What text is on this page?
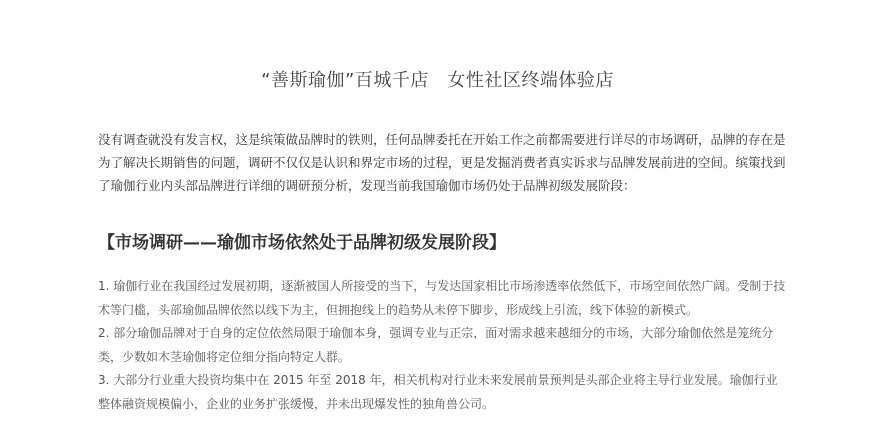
“善斯瑜伽”百城千店　女性社区终端体验店

没有调查就没有发言权，这是缤策做品牌时的铁则，任何品牌委托在开始工作之前都需要进行详尽的市场调研，品牌的存在是为了解决长期销售的问题，调研不仅仅是认识和界定市场的过程，更是发掘消费者真实诉求与品牌发展前进的空间。缤策找到了瑜伽行业内头部品牌进行详细的调研预分析，发现当前我国瑜伽市场仍处于品牌初级发展阶段：

【市场调研——瑜伽市场依然处于品牌初级发展阶段】
1. 瑜伽行业在我国经过发展初期，逐渐被国人所接受的当下，与发达国家相比市场渗透率依然低下，市场空间依然广阔。受制于技术等门槛，头部瑜伽品牌依然以线下为主，但拥抱线上的趋势从未停下脚步，形成线上引流，线下体验的新模式。
2. 部分瑜伽品牌对于自身的定位依然局限于瑜伽本身，强调专业与正宗，面对需求越来越细分的市场，大部分瑜伽依然是笼统分类，少数如木茎瑜伽将定位细分指向特定人群。
3. 大部分行业重大投资均集中在 2015 年至 2018 年，相关机构对行业未来发展前景预判是头部企业将主导行业发展。瑜伽行业整体融资规模偏小，企业的业务扩张缓慢，并未出现爆发性的独角兽公司。
